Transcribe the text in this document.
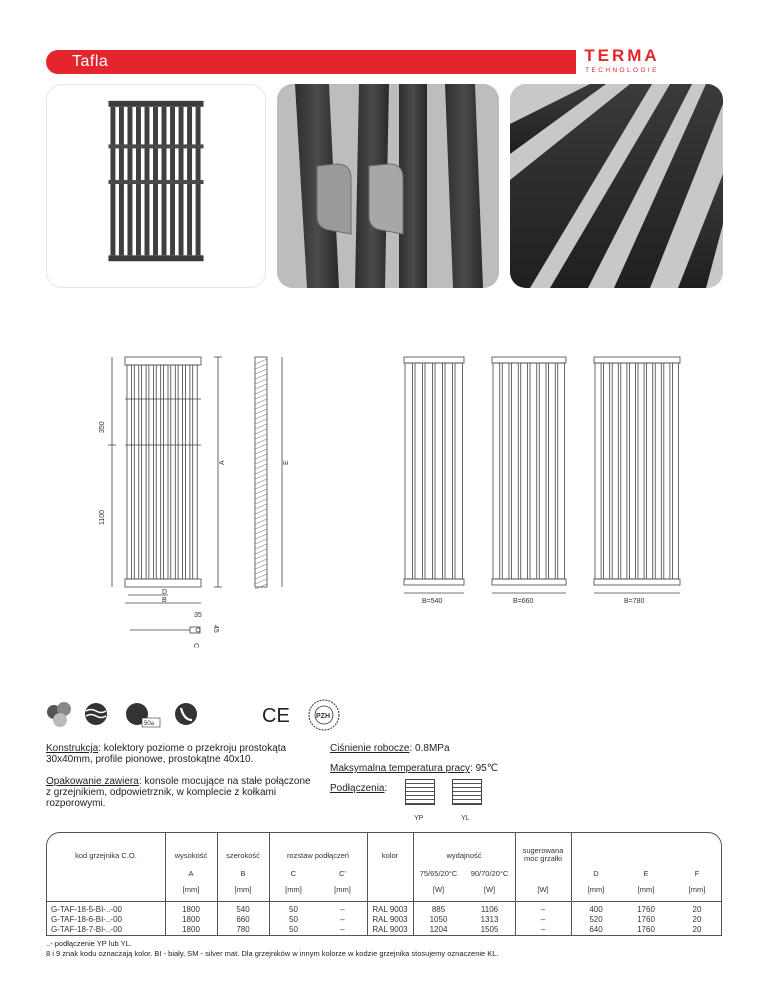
Tafla	TERMA
TECHNOLOGIE
350
1100
A	E
D
B
35
45
C
B=540	B=660	B=780
50a	CE	PZH
Konstrukcja: kolektory poziome o przekroju prostokąta 30x40mm, profile pionowe, prostokątne 40x10.
Opakowanie zawiera: konsole mocujące na stałe połączone z grzejnikiem, odpowietrznik, w komplecie z kołkami rozporowymi.
Ciśnienie robocze: 0.8MPa
Maksymalna temperatura pracy: 95℃
Podłączenia:
YP	YL
kod grzejnika C.O.	wysokość	szerokość	rozstaw podłączeń	kolor	wydajność
sugerowana moc grzałki
A	B	C	C'	75/65/20°C	90/70/20°C	D	E	F
[mm]	[mm]	[mm]	[mm]	[W]	[W]	[W]	[mm]	[mm]	[mm]
G-TAF-18-5-BI-..-00	1800	540	50	–	RAL 9003	885	1106	–	400	1760	20
G-TAF-18-6-BI-..-00	1800	660	50	–	RAL 9003	1050	1313	–	520	1760	20
G-TAF-18-7-BI-..-00	1800	780	50	–	RAL 9003	1204	1505	–	640	1760	20
..- podłączenie YP lub YL.
8 i 9 znak kodu oznaczają kolor. BI - biały, SM - silver mat. Dla grzejników w innym kolorze w kodzie grzejnika stosujemy oznaczenie KL.
